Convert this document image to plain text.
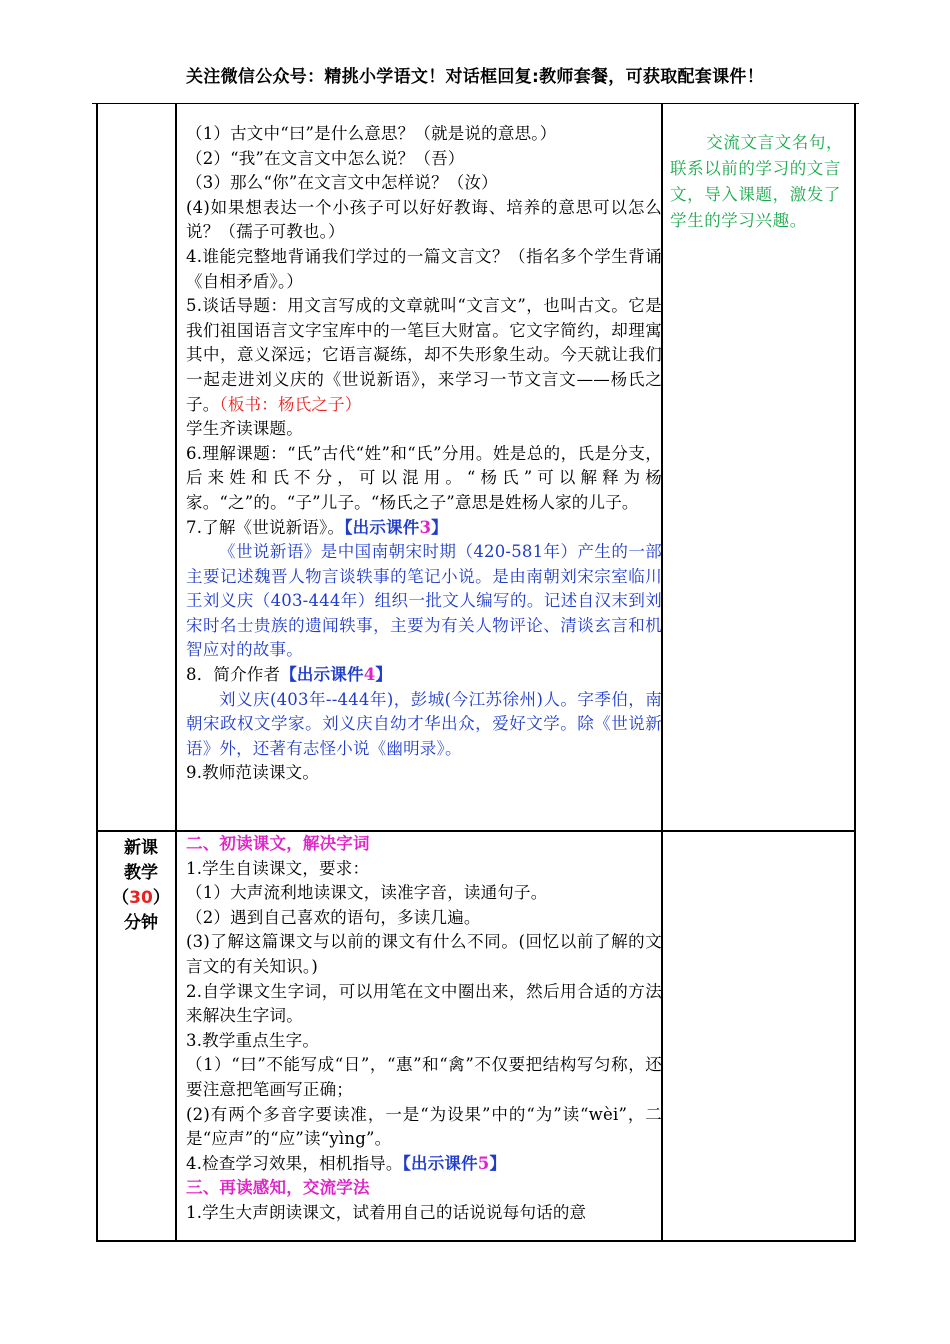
关注微信公众号：精挑小学语文！对话框回复:教师套餐，可获取配套课件！

（1）古文中“曰”是什么意思？（就是说的意思。）

（2）“我”在文言文中怎么说？（吾）

（3）那么“你”在文言文中怎样说？（汝）

(4)如果想表达一个小孩子可以好好教诲、培养的意思可以怎么说？（孺子可教也。）

4.谁能完整地背诵我们学过的一篇文言文？（指名多个学生背诵《自相矛盾》。）

5.谈话导题：用文言写成的文章就叫“文言文”，也叫古文。它是我们祖国语言文字宝库中的一笔巨大财富。它文字简约，却理寓其中，意义深远；它语言凝练，却不失形象生动。今天就让我们一起走进刘义庆的《世说新语》，来学习一节文言文——杨氏之子。（板书：杨氏之子）

学生齐读课题。

6.理解课题：“氏”古代“姓”和“氏”分用。姓是总的，氏是分支，后来姓和氏不分，可以混用。“杨氏”可以解释为杨家。“之”的。“子”儿子。“杨氏之子”意思是姓杨人家的儿子。

7.了解《世说新语》。【出示课件3】

《世说新语》是中国南朝宋时期（420-581年）产生的一部主要记述魏晋人物言谈轶事的笔记小说。是由南朝刘宋宗室临川王刘义庆（403-444年）组织一批文人编写的。记述自汉末到刘宋时名士贵族的遗闻轶事，主要为有关人物评论、清谈玄言和机智应对的故事。

8．简介作者【出示课件4】

刘义庆(403年--444年)，彭城(今江苏徐州)人。字季伯，南朝宋政权文学家。刘义庆自幼才华出众，爱好文学。除《世说新语》外，还著有志怪小说《幽明录》。

9.教师范读课文。

交流文言文名句，联系以前的学习的文言文，导入课题，激发了学生的学习兴趣。
新课
教学
（30）
分钟

二、初读课文，解决字词

1.学生自读课文，要求：

（1）大声流利地读课文，读准字音，读通句子。

（2）遇到自己喜欢的语句，多读几遍。

(3)了解这篇课文与以前的课文有什么不同。(回忆以前了解的文言文的有关知识。)

2.自学课文生字词，可以用笔在文中圈出来，然后用合适的方法来解决生字词。

3.教学重点生字。

（1）“曰”不能写成“日”，“惠”和“禽”不仅要把结构写匀称，还要注意把笔画写正确；

(2)有两个多音字要读准，一是“为设果”中的“为”读“wèi”，二是“应声”的“应”读“yìng”。

4.检查学习效果，相机指导。【出示课件5】

三、再读感知，交流学法

1.学生大声朗读课文，试着用自己的话说说每句话的意
